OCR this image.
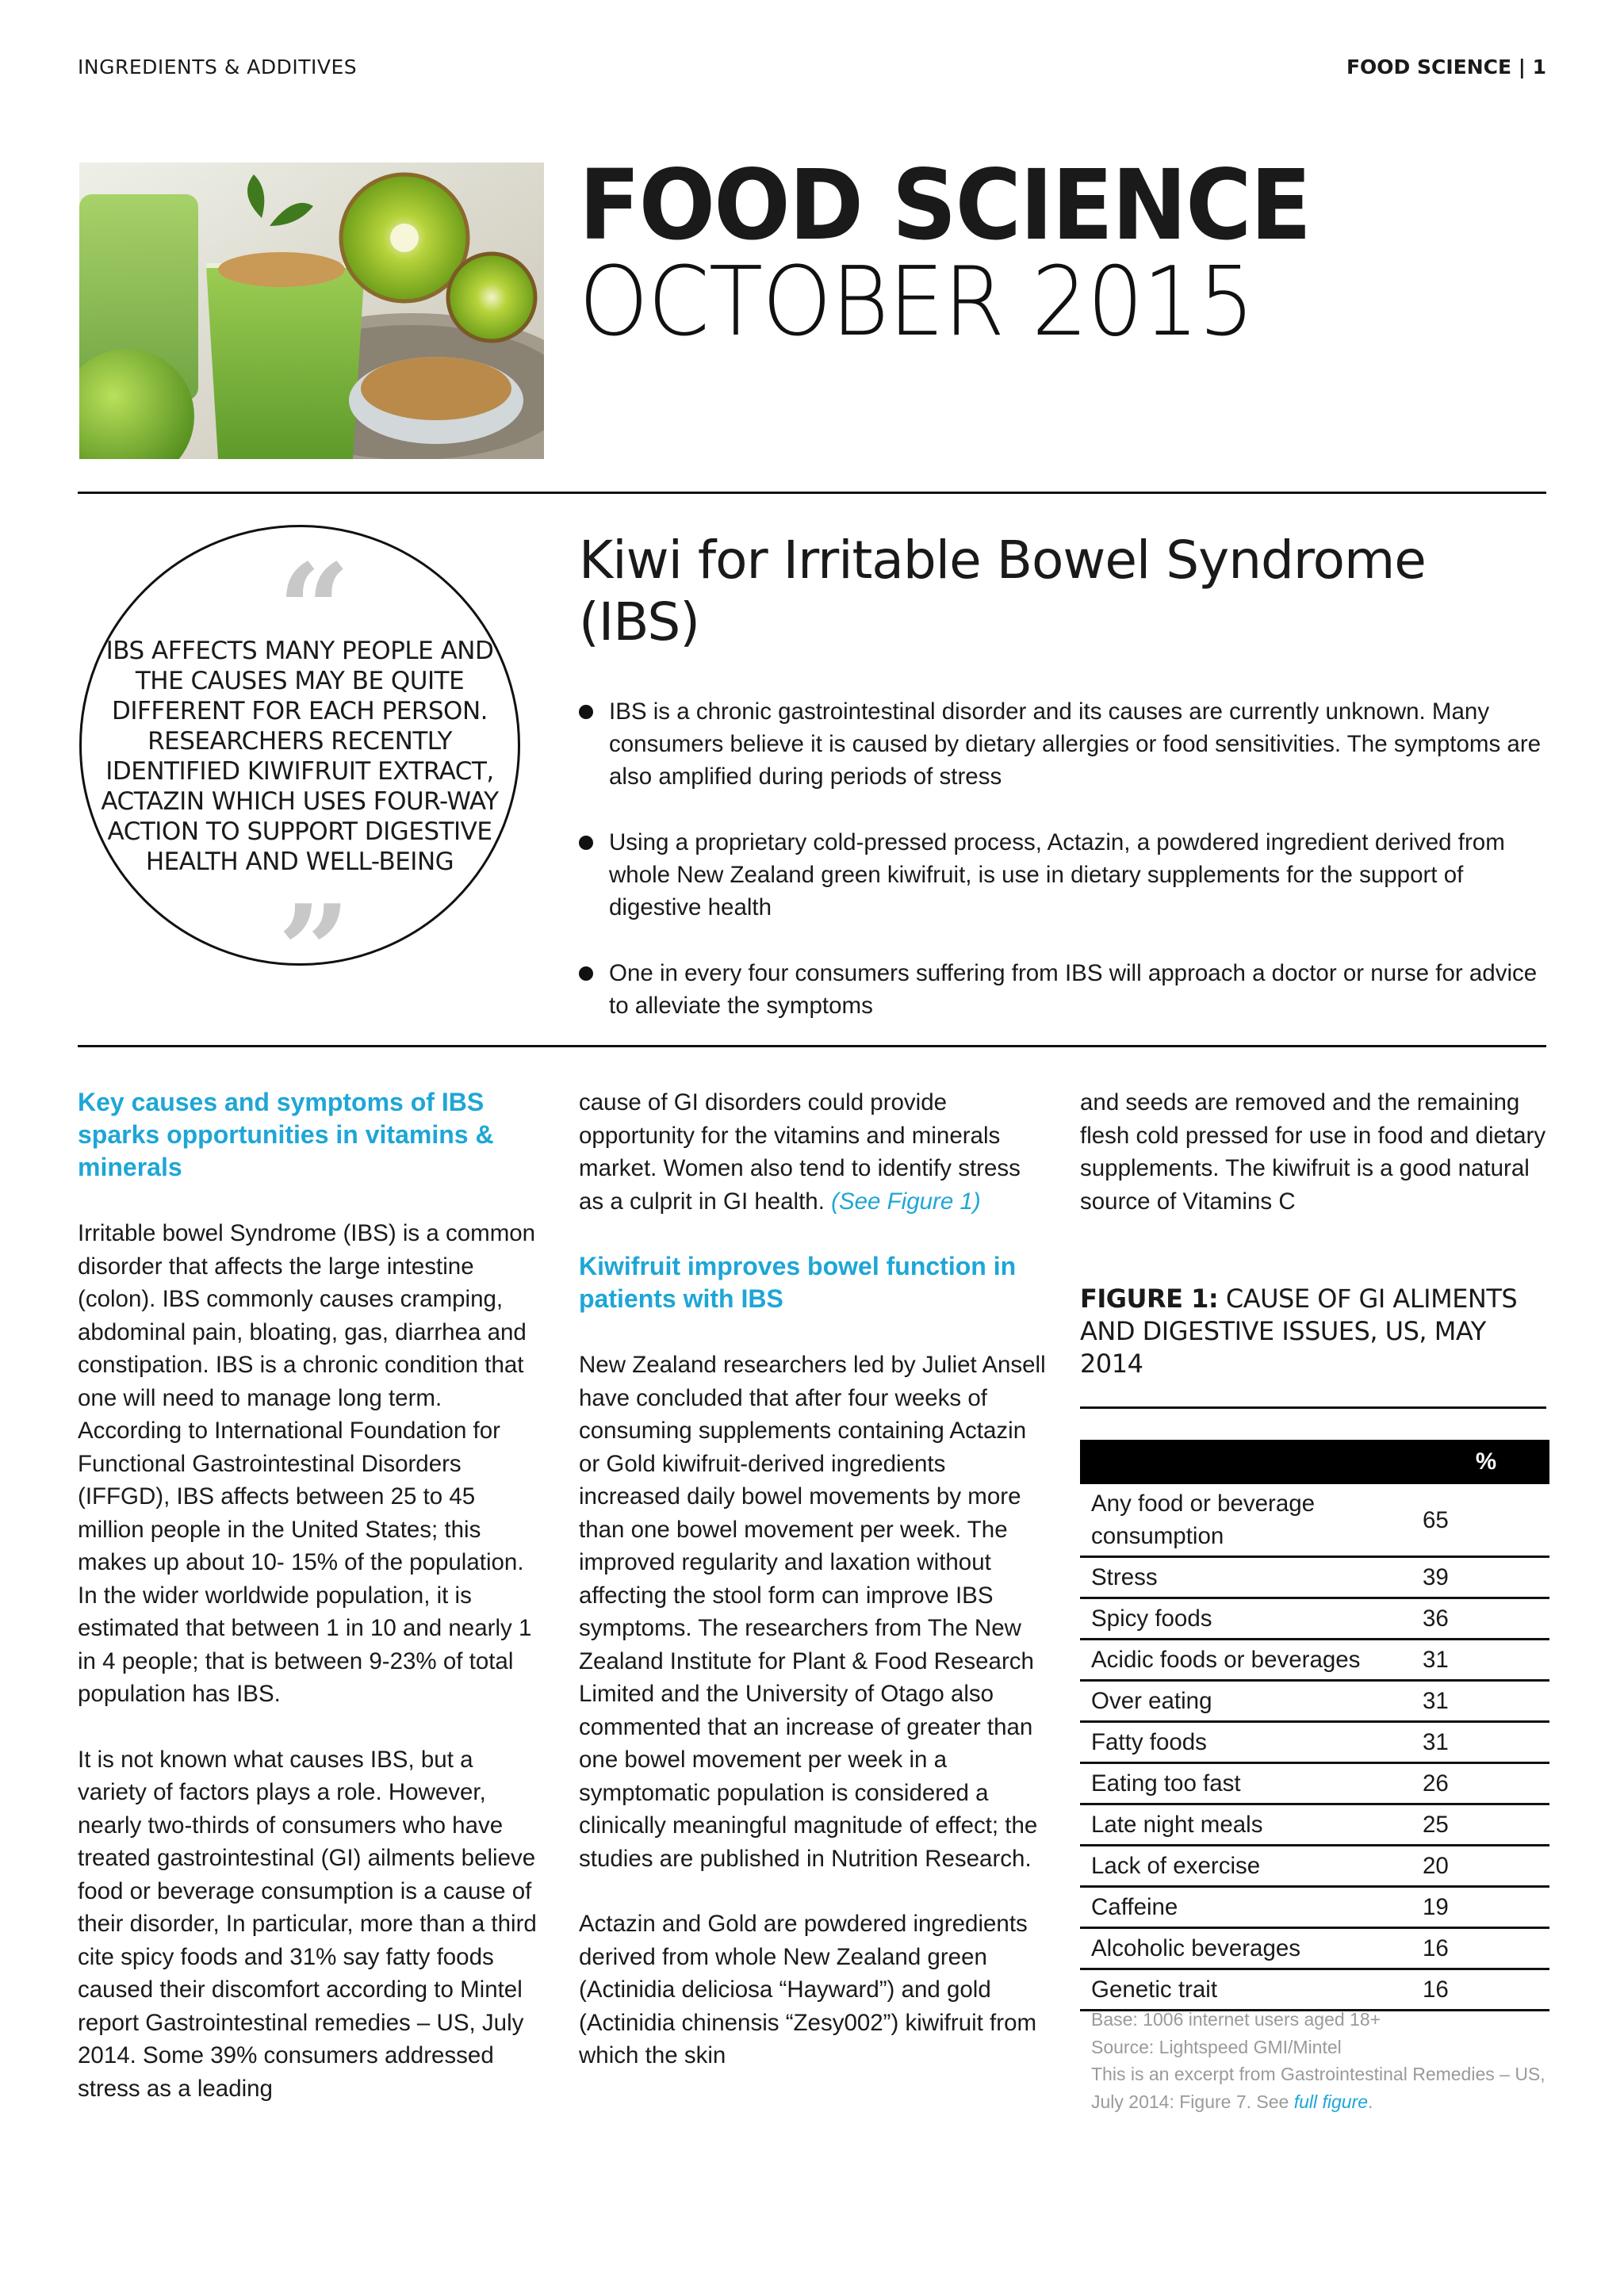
INGREDIENTS & ADDITIVES	FOOD SCIENCE | 1
FOOD SCIENCE
OCTOBER 2015
“
IBS AFFECTS MANY PEOPLE AND THE CAUSES MAY BE QUITE DIFFERENT FOR EACH PERSON. RESEARCHERS RECENTLY IDENTIFIED KIWIFRUIT EXTRACT, ACTAZIN WHICH USES FOUR-WAY ACTION TO SUPPORT DIGESTIVE HEALTH AND WELL-BEING
”
Kiwi for Irritable Bowel Syndrome (IBS)
IBS is a chronic gastrointestinal disorder and its causes are currently unknown. Many consumers believe it is caused by dietary allergies or food sensitivities. The symptoms are also amplified during periods of stress
Using a proprietary cold-pressed process, Actazin, a powdered ingredient derived from whole New Zealand green kiwifruit, is use in dietary supplements for the support of digestive health
One in every four consumers suffering from IBS will approach a doctor or nurse for advice to alleviate the symptoms

Key causes and symptoms of IBS sparks opportunities in vitamins & minerals

Irritable bowel Syndrome (IBS) is a common disorder that affects the large intestine (colon). IBS commonly causes cramping, abdominal pain, bloating, gas, diarrhea and constipation. IBS is a chronic condition that one will need to manage long term. According to International Foundation for Functional Gastrointestinal Disorders (IFFGD), IBS affects between 25 to 45 million people in the United States; this makes up about 10- 15% of the population. In the wider worldwide population, it is estimated that between 1 in 10 and nearly 1 in 4 people; that is between 9-23% of total population has IBS.

It is not known what causes IBS, but a variety of factors plays a role. However, nearly two-thirds of consumers who have treated gastrointestinal (GI) ailments believe food or beverage consumption is a cause of their disorder, In particular, more than a third cite spicy foods and 31% say fatty foods caused their discomfort according to Mintel report Gastrointestinal remedies – US, July 2014. Some 39% consumers addressed stress as a leading

cause of GI disorders could provide opportunity for the vitamins and minerals market. Women also tend to identify stress as a culprit in GI health. (See Figure 1)

Kiwifruit improves bowel function in patients with IBS

New Zealand researchers led by Juliet Ansell have concluded that after four weeks of consuming supplements containing Actazin or Gold kiwifruit-derived ingredients increased daily bowel movements by more than one bowel movement per week. The improved regularity and laxation without affecting the stool form can improve IBS symptoms. The researchers from The New Zealand Institute for Plant & Food Research Limited and the University of Otago also commented that an increase of greater than one bowel movement per week in a symptomatic population is considered a clinically meaningful magnitude of effect; the studies are published in Nutrition Research.

Actazin and Gold are powdered ingredients derived from whole New Zealand green (Actinidia deliciosa “Hayward”) and gold (Actinidia chinensis “Zesy002”) kiwifruit from which the skin

and seeds are removed and the remaining flesh cold pressed for use in food and dietary supplements. The kiwifruit is a good natural source of Vitamins C

FIGURE 1: CAUSE OF GI ALIMENTS AND DIGESTIVE ISSUES, US, MAY 2014
	%
Any food or beverage consumption	65
Stress	39
Spicy foods	36
Acidic foods or beverages	31
Over eating	31
Fatty foods	31
Eating too fast	26
Late night meals	25
Lack of exercise	20
Caffeine	19
Alcoholic beverages	16
Genetic trait	16

Base: 1006 internet users aged 18+

Source: Lightspeed GMI/Mintel

This is an excerpt from Gastrointestinal Remedies – US, July 2014: Figure 7. See full figure.
